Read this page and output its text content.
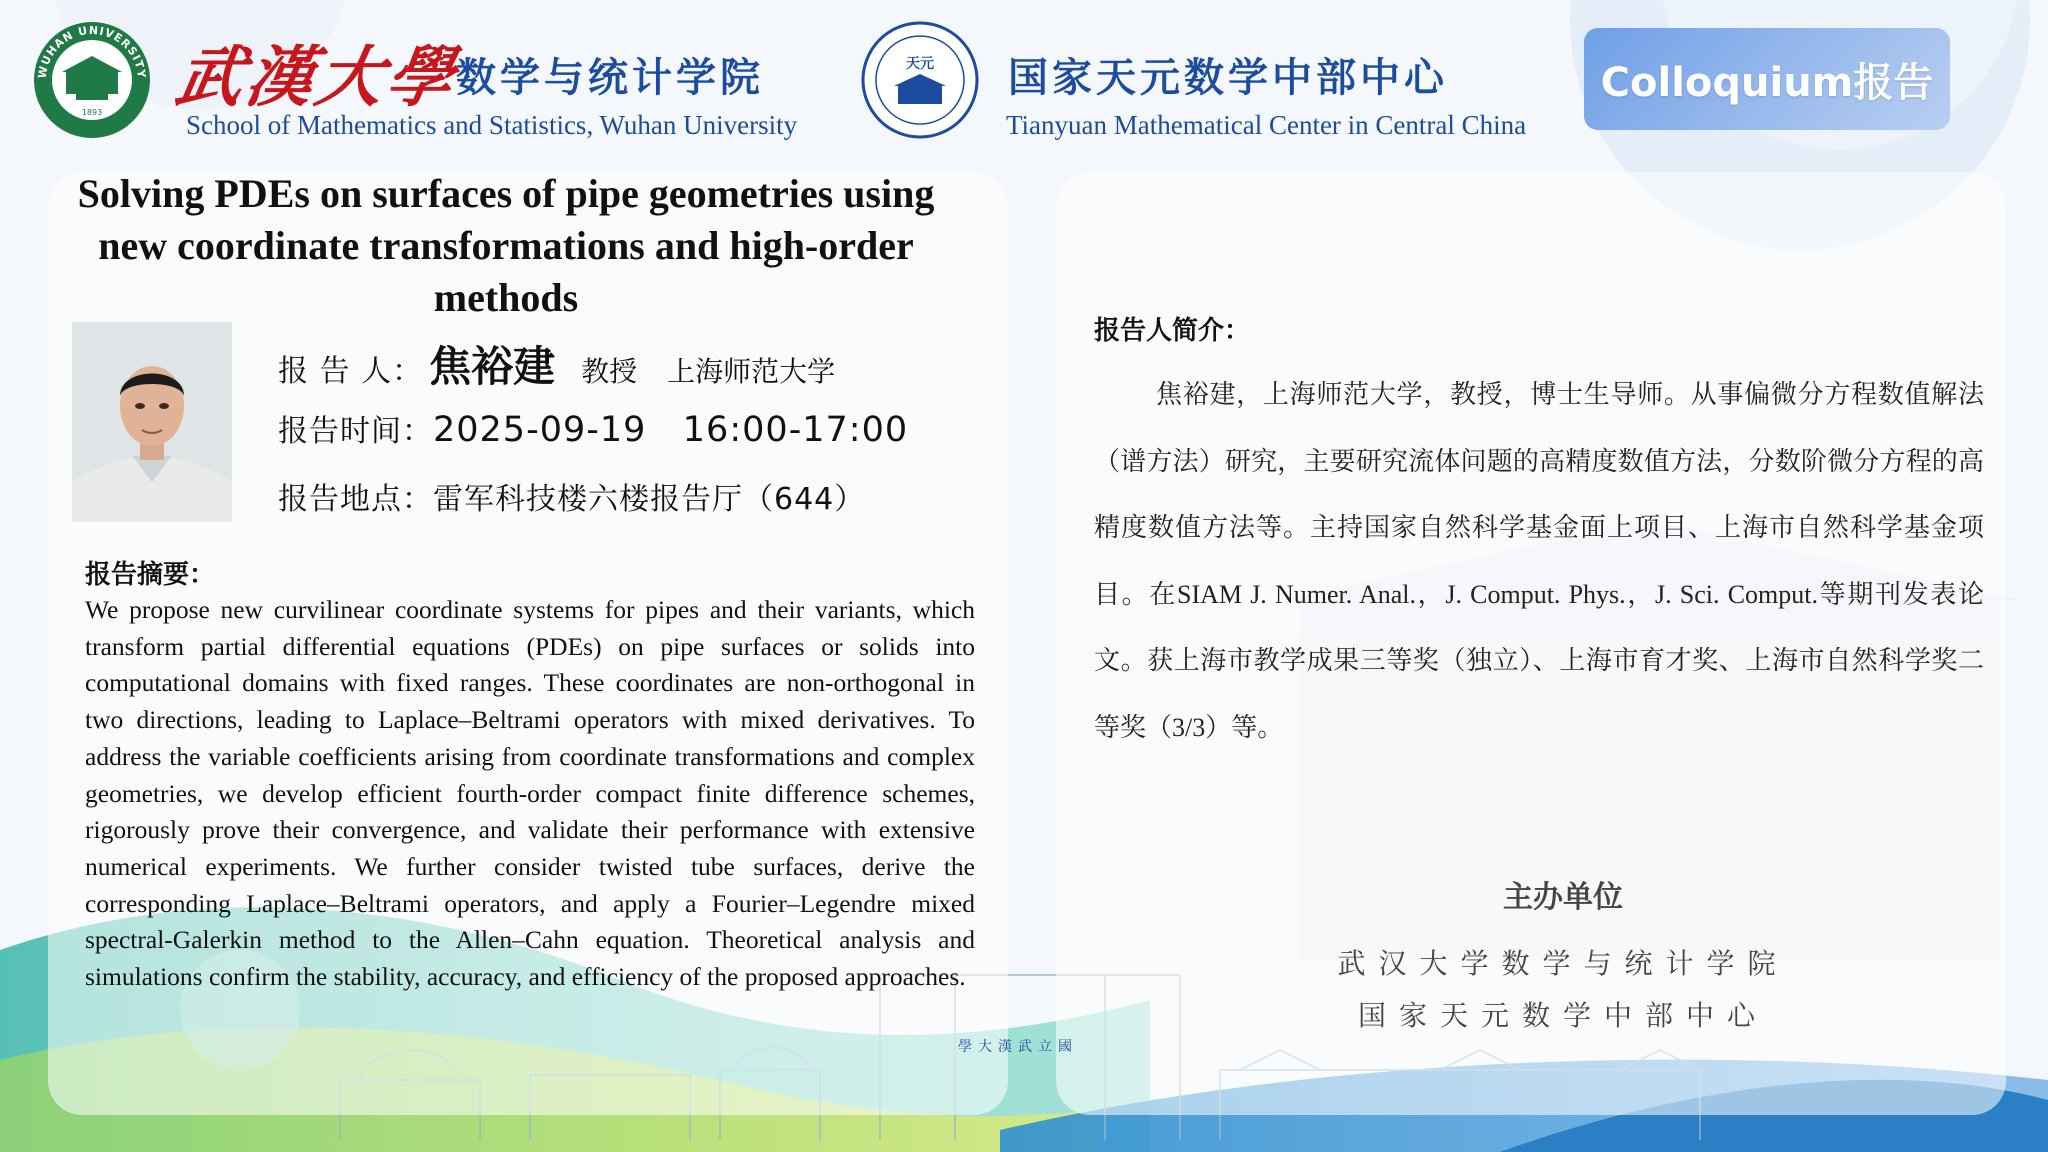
WUHAN UNIVERSITY
1893 武漢大學
数学与统计学院
School of Mathematics and Statistics, Wuhan University
天元 国家天元数学中部中心
Tianyuan Mathematical Center in Central China
Colloquium报告
Solving PDEs on surfaces of pipe geometries using new coordinate transformations and high-order methods
报 告 人： 焦裕建 教授 上海师范大学
报告时间：2025-09-19   16:00-17:00
报告地点：雷军科技楼六楼报告厅（644）
报告摘要：

We propose new curvilinear coordinate systems for pipes and their variants, which transform partial differential equations (PDEs) on pipe surfaces or solids into computational domains with fixed ranges. These coordinates are non-orthogonal in two directions, leading to Laplace–Beltrami operators with mixed derivatives. To address the variable coefficients arising from coordinate transformations and complex geometries, we develop efficient fourth-order compact finite difference schemes, rigorously prove their convergence, and validate their performance with extensive numerical experiments. We further consider twisted tube surfaces, derive the corresponding Laplace–Beltrami operators, and apply a Fourier–Legendre mixed spectral-Galerkin method to the Allen–Cahn equation. Theoretical analysis and simulations confirm the stability, accuracy, and efficiency of the proposed approaches.

报告人简介：

焦裕建，上海师范大学，教授，博士生导师。从事偏微分方程数值解法（谱方法）研究，主要研究流体问题的高精度数值方法，分数阶微分方程的高精度数值方法等。主持国家自然科学基金面上项目、上海市自然科学基金项目。在SIAM J. Numer. Anal.，J. Comput. Phys.，J. Sci. Comput.等期刊发表论文。获上海市教学成果三等奖（独立）、上海市育才奖、上海市自然科学奖二等奖（3/3）等。

主办单位
武汉大学数学与统计学院
国家天元数学中部中心
學大漢武立國
